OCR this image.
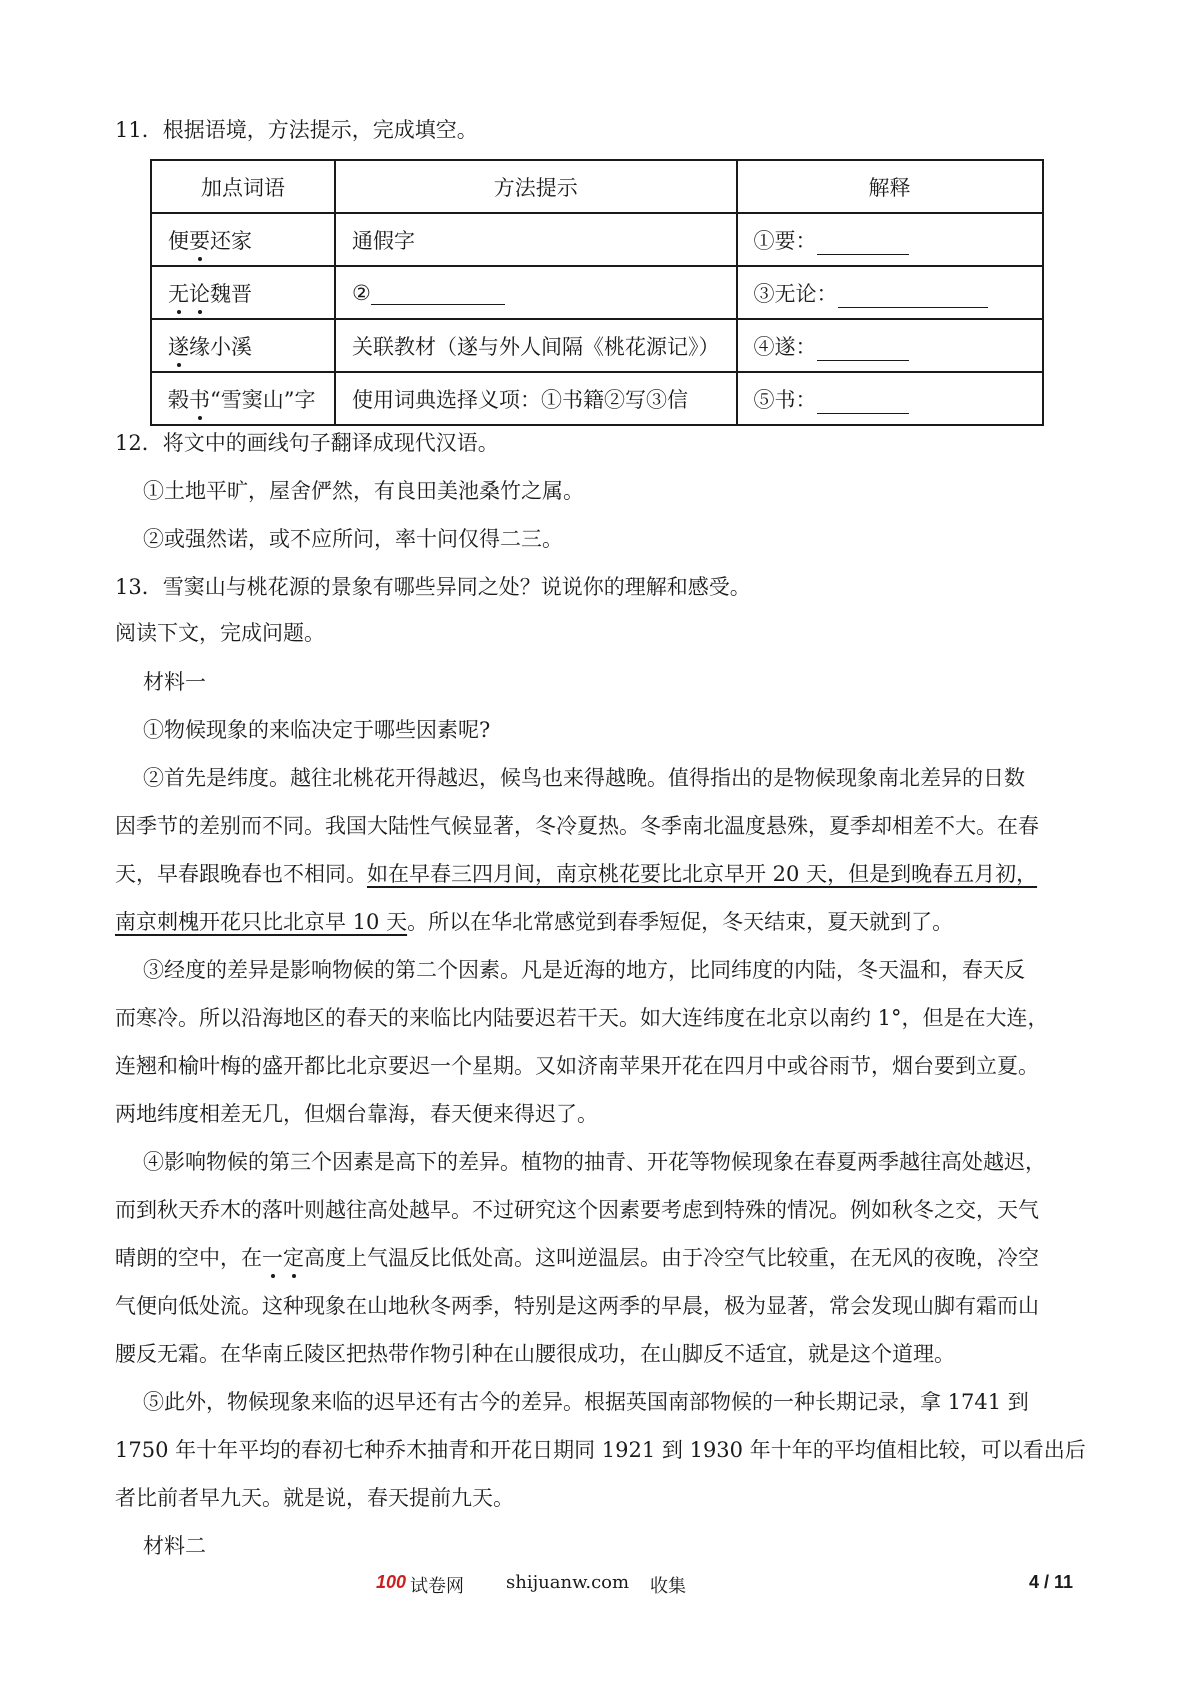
11．根据语境，方法提示，完成填空。
加点词语	方法提示	解释
便要还家	通假字	①要：
无论魏晋	②	③无论：
遂缘小溪	关联教材（遂与外人间隔《桃花源记》）	④遂：
榖书“雪窦山”字	使用词典选择义项：①书籍②写③信	⑤书：
12．将文中的画线句子翻译成现代汉语。
①土地平旷，屋舍俨然，有良田美池桑竹之属。
②或强然诺，或不应所问，率十问仅得二三。
13．雪窦山与桃花源的景象有哪些异同之处？说说你的理解和感受。
阅读下文，完成问题。
材料一
①物候现象的来临决定于哪些因素呢?
②首先是纬度。越往北桃花开得越迟，候鸟也来得越晚。值得指出的是物候现象南北差异的日数
因季节的差别而不同。我国大陆性气候显著，冬冷夏热。冬季南北温度悬殊，夏季却相差不大。在春
天，早春跟晚春也不相同。如在早春三四月间，南京桃花要比北京早开 20 天，但是到晚春五月初，
南京刺槐开花只比北京早 10 天。所以在华北常感觉到春季短促，冬天结束，夏天就到了。
③经度的差异是影响物候的第二个因素。凡是近海的地方，比同纬度的内陆，冬天温和，春天反
而寒冷。所以沿海地区的春天的来临比内陆要迟若干天。如大连纬度在北京以南约 1°，但是在大连，
连翘和榆叶梅的盛开都比北京要迟一个星期。又如济南苹果开花在四月中或谷雨节，烟台要到立夏。
两地纬度相差无几，但烟台靠海，春天便来得迟了。
④影响物候的第三个因素是高下的差异。植物的抽青、开花等物候现象在春夏两季越往高处越迟，
而到秋天乔木的落叶则越往高处越早。不过研究这个因素要考虑到特殊的情况。例如秋冬之交，天气
晴朗的空中，在一定高度上气温反比低处高。这叫逆温层。由于冷空气比较重，在无风的夜晚，冷空
气便向低处流。这种现象在山地秋冬两季，特别是这两季的早晨，极为显著，常会发现山脚有霜而山
腰反无霜。在华南丘陵区把热带作物引种在山腰很成功，在山脚反不适宜，就是这个道理。
⑤此外，物候现象来临的迟早还有古今的差异。根据英国南部物候的一种长期记录，拿 1741 到
1750 年十年平均的春初七种乔木抽青和开花日期同 1921 到 1930 年十年的平均值相比较，可以看出后
者比前者早九天。就是说，春天提前九天。
材料二
100 试卷网 shijuanw.com 收集	4 / 11
